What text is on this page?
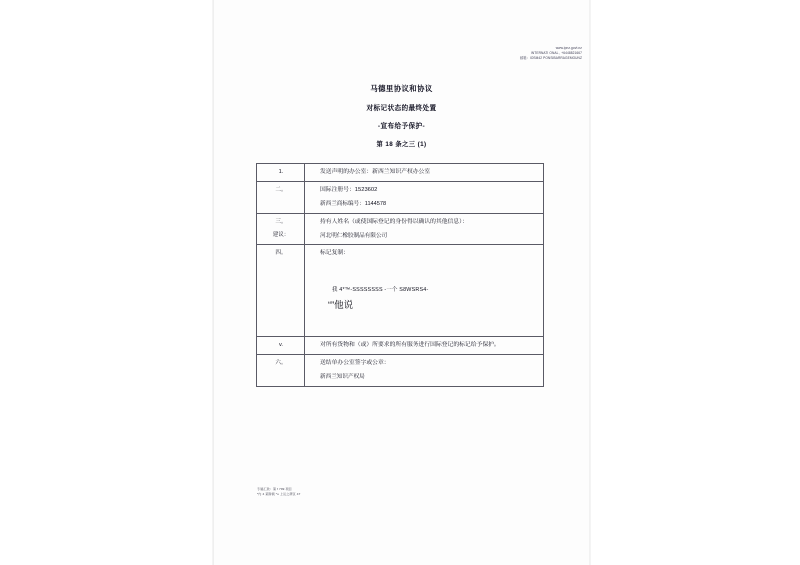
www.ipnz.govt.nz
INTERNATI ONAL , +6448821667
邮箱：IOSM42 PONSIBARRAGEMOUNZ
马德里协议和协议
对标记状态的最终处置
-宣布给予保护-
第 18 条之三 (1)
1.	发送声明的办公室：新西兰知识产权办公室
二。	国际注册号：1523602
新西兰商标编号：1144578

三。
建议：	持有人姓名（或使国际登记的身份得以确认的其他信息）：
河北明仁橡胶制品有限公司

四。	标记复制：
我 4*™-SSSSSSSS -一个 S8WSRS4-
“”他说

v.	对所有货物和（或）所要求的所有服务进行国际登记的标记给予保护。
六。	送结单办公室签字或公章：
新西兰知识产权局
专属汇款：第 f 799 项目
*内 4 莱斯顿 *u 上运之研区 47
